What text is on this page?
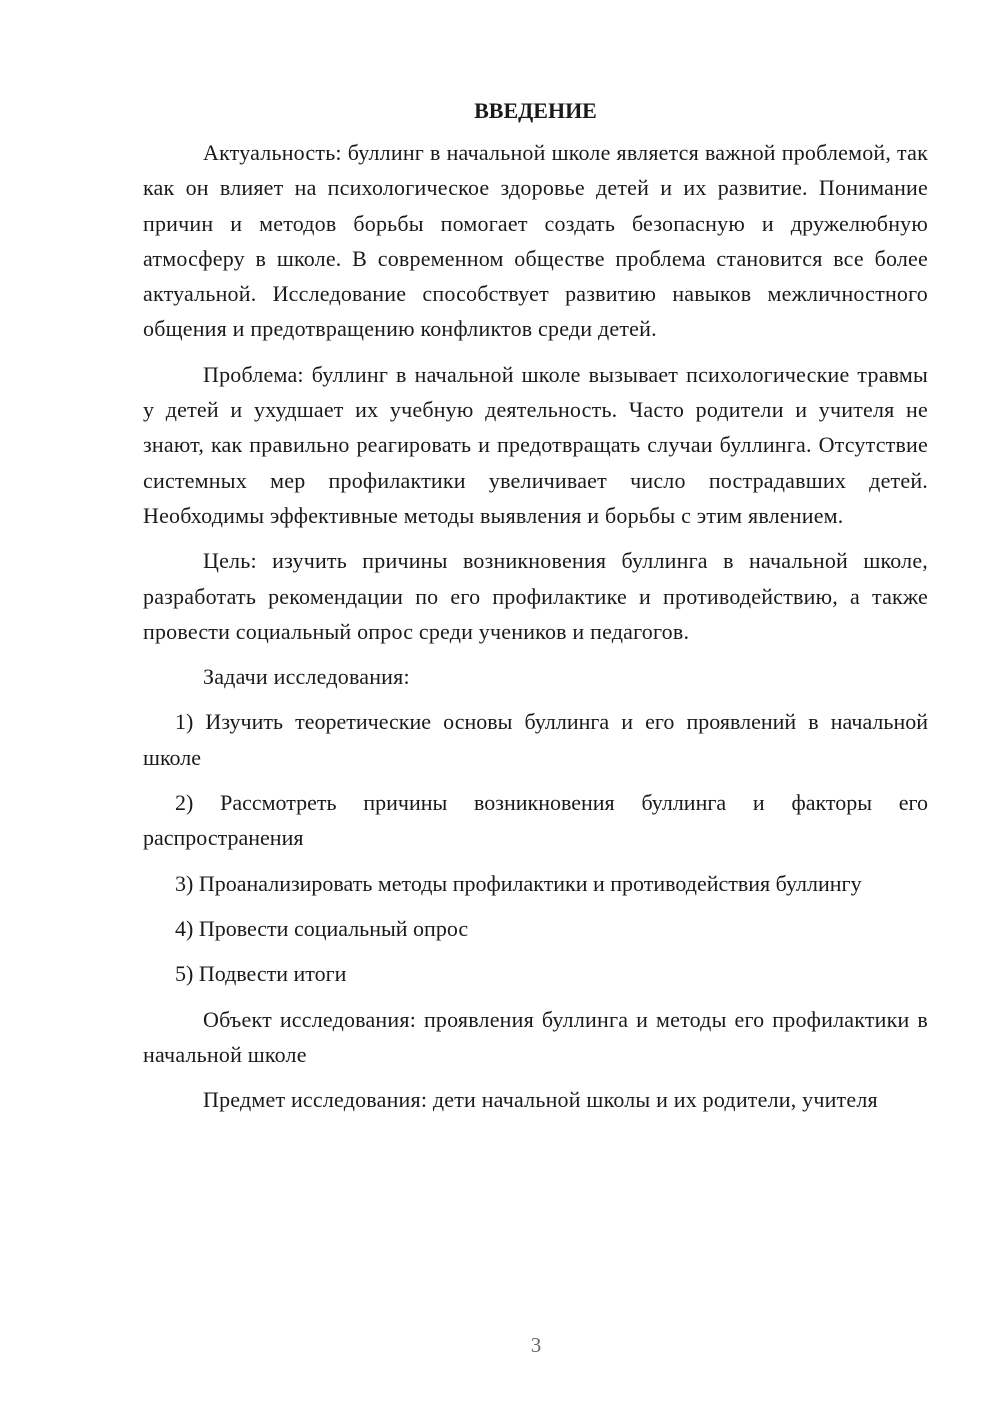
ВВЕДЕНИЕ

Актуальность: буллинг в начальной школе является важной проблемой, так как он влияет на психологическое здоровье детей и их развитие. Понимание причин и методов борьбы помогает создать безопасную и дружелюбную атмосферу в школе. В современном обществе проблема становится все более актуальной. Исследование способствует развитию навыков межличностного общения и предотвращению конфликтов среди детей.

Проблема: буллинг в начальной школе вызывает психологические травмы у детей и ухудшает их учебную деятельность. Часто родители и учителя не знают, как правильно реагировать и предотвращать случаи буллинга. Отсутствие системных мер профилактики увеличивает число пострадавших детей. Необходимы эффективные методы выявления и борьбы с этим явлением.

Цель: изучить причины возникновения буллинга в начальной школе, разработать рекомендации по его профилактике и противодействию, а также провести социальный опрос среди учеников и педагогов.

Задачи исследования:

1) Изучить теоретические основы буллинга и его проявлений в начальной школе

2) Рассмотреть причины возникновения буллинга и факторы его распространения

3) Проанализировать методы профилактики и противодействия буллингу

4) Провести социальный опрос

5) Подвести итоги

Объект исследования: проявления буллинга и методы его профилактики в начальной школе

Предмет исследования: дети начальной школы и их родители, учителя

3
